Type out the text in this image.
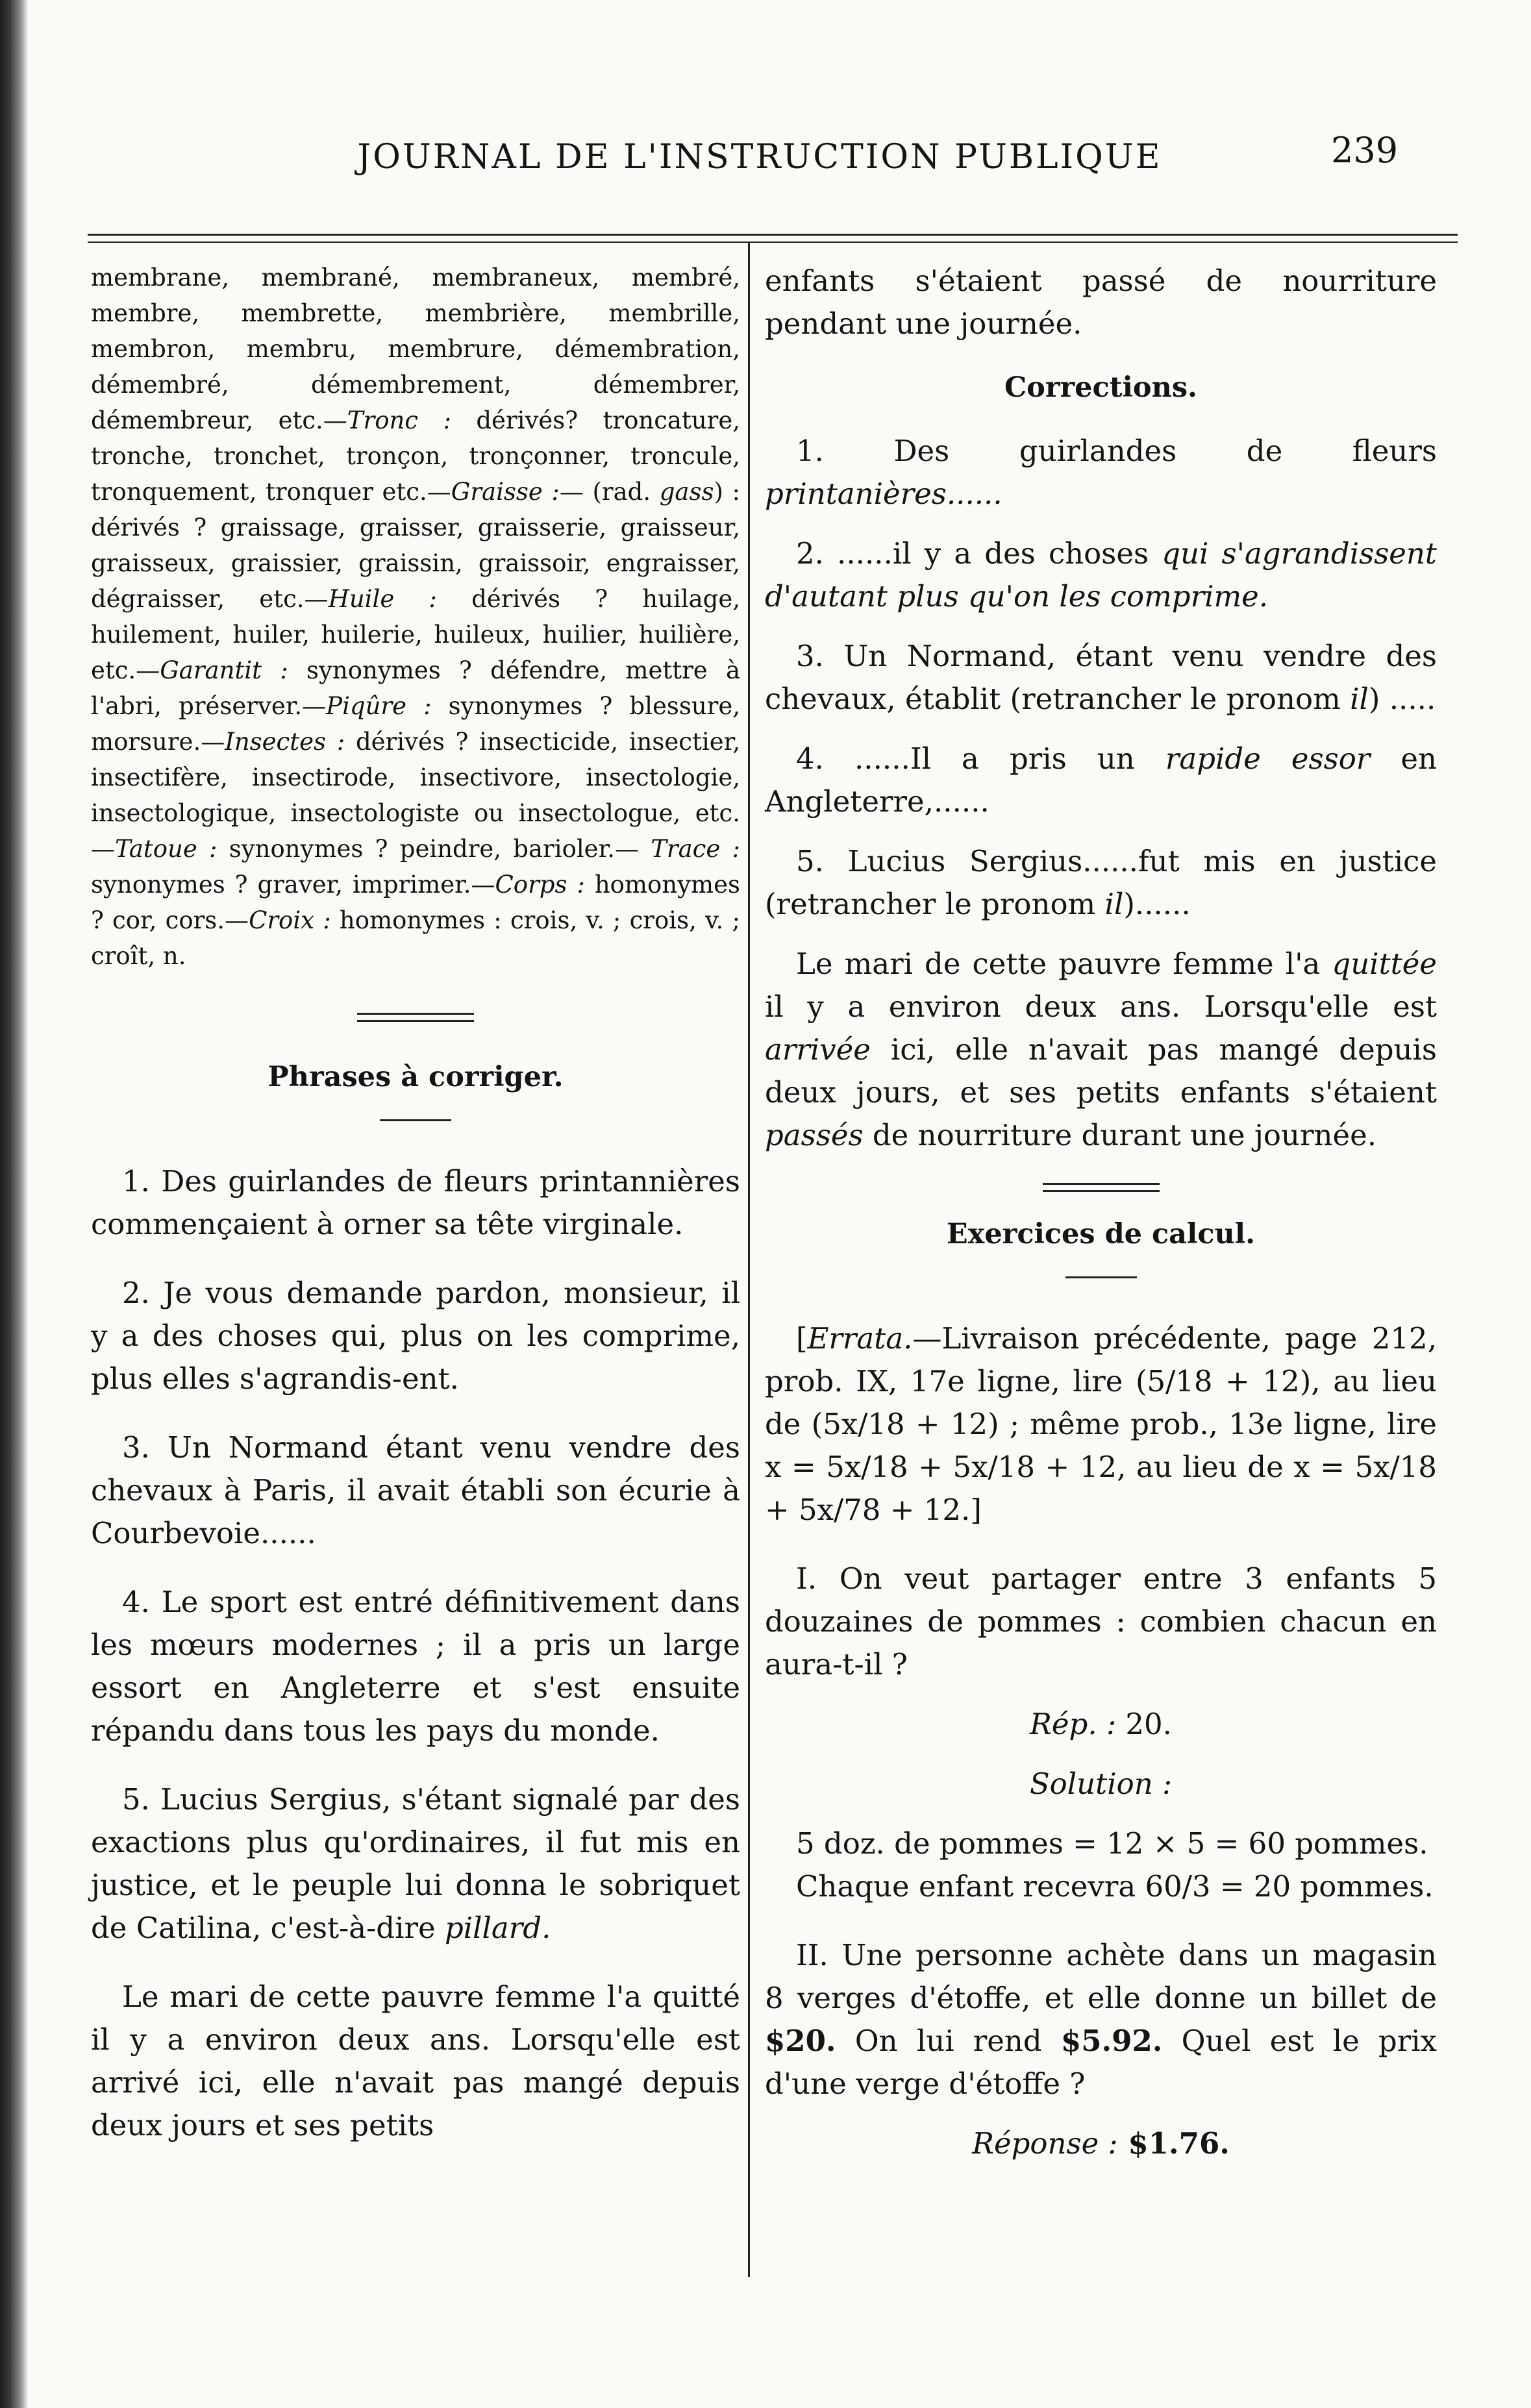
JOURNAL DE L'INSTRUCTION PUBLIQUE	239

membrane, membrané, membraneux, membré, membre, membrette, membrière, membrille, membron, membru, membrure, démembration, démembré, démembrement, démembrer, démembreur, etc.—Tronc : dérivés? troncature, tronche, tronchet, tronçon, tronçonner, troncule, tronquement, tronquer etc.—Graisse :— (rad. gass) : dérivés ? graissage, graisser, graisserie, graisseur, graisseux, graissier, graissin, graissoir, engraisser, dégraisser, etc.—Huile : dérivés ? huilage, huilement, huiler, huilerie, huileux, huilier, huilière, etc.—Garantit : synonymes ? défendre, mettre à l'abri, préserver.—Piqûre : synonymes ? blessure, morsure.—Insectes : dérivés ? insecticide, insectier, insectifère, insectirode, insectivore, insectologie, insectologique, insectologiste ou insectologue, etc. —Tatoue : synonymes ? peindre, barioler.— Trace : synonymes ? graver, imprimer.—Corps : homonymes ? cor, cors.—Croix : homonymes : crois, v. ; crois, v. ; croît, n.

Phrases à corriger.

1. Des guirlandes de fleurs printannières commençaient à orner sa tête virginale.

2. Je vous demande pardon, monsieur, il y a des choses qui, plus on les comprime, plus elles s'agrandis-ent.

3. Un Normand étant venu vendre des chevaux à Paris, il avait établi son écurie à Courbevoie......

4. Le sport est entré définitivement dans les mœurs modernes ; il a pris un large essort en Angleterre et s'est ensuite répandu dans tous les pays du monde.

5. Lucius Sergius, s'étant signalé par des exactions plus qu'ordinaires, il fut mis en justice, et le peuple lui donna le sobriquet de Catilina, c'est-à-dire pillard.

Le mari de cette pauvre femme l'a quitté il y a environ deux ans. Lorsqu'elle est arrivé ici, elle n'avait pas mangé depuis deux jours et ses petits

enfants s'étaient passé de nourriture pendant une journée.

Corrections.

1. Des guirlandes de fleurs printanières......

2. ......il y a des choses qui s'agrandissent d'autant plus qu'on les comprime.

3. Un Normand, étant venu vendre des chevaux, établit (retrancher le pronom il) .....

4. ......Il a pris un rapide essor en Angleterre,......

5. Lucius Sergius......fut mis en justice (retrancher le pronom il)......

Le mari de cette pauvre femme l'a quittée il y a environ deux ans. Lorsqu'elle est arrivée ici, elle n'avait pas mangé depuis deux jours, et ses petits enfants s'étaient passés de nourriture durant une journée.

Exercices de calcul.

[Errata.—Livraison précédente, page 212, prob. IX, 17e ligne, lire (5/18 + 12), au lieu de (5x/18 + 12) ; même prob., 13e ligne, lire x = 5x/18 + 5x/18 + 12, au lieu de x = 5x/18 + 5x/78 + 12.]

I. On veut partager entre 3 enfants 5 douzaines de pommes : combien chacun en aura-t-il ?

Rép. : 20.

Solution :

5 doz. de pommes = 12 × 5 = 60 pommes.

Chaque enfant recevra 60/3 = 20 pommes.

II. Une personne achète dans un magasin 8 verges d'étoffe, et elle donne un billet de $20. On lui rend $5.92. Quel est le prix d'une verge d'étoffe ?

Réponse : $1.76.
